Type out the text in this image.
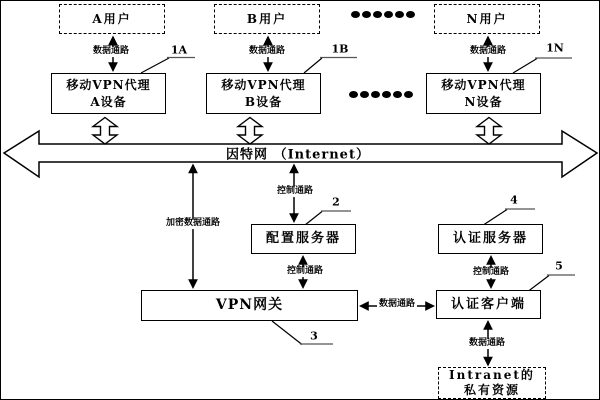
A用户	B用户	N用户
移动VPN代理
A设备
移动VPN代理
B设备
移动VPN代理
N设备
因特网 （Internet）
配置服务器	认证服务器
VPN网关	认证客户端
Intranet的
私有资源
数据通路	数据通路	数据通路
加密数据通路
控制通路
控制通路	控制通路
数据通路
数据通路
1A	1B	1N
2
3
4
5
